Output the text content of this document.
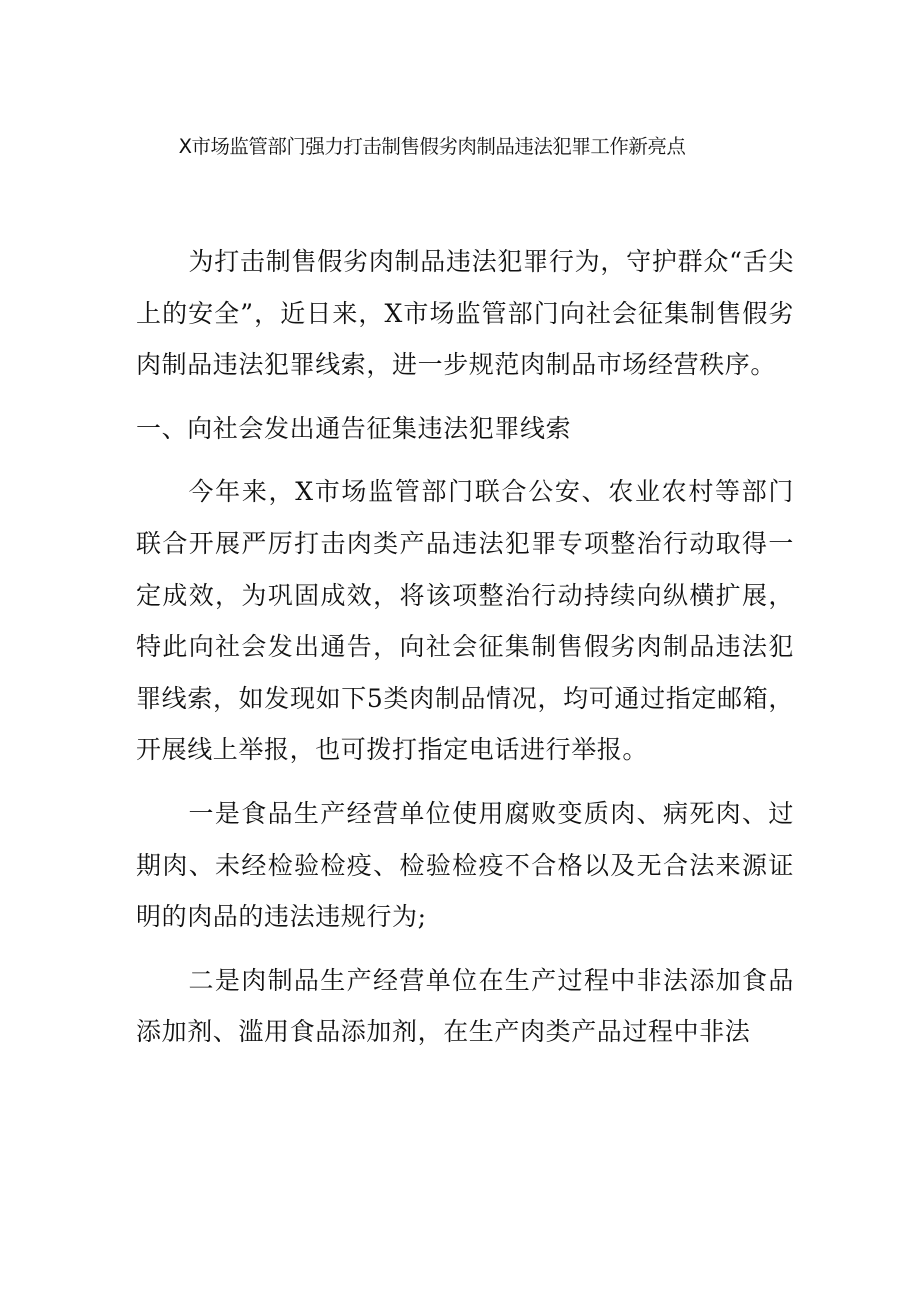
X市场监管部门强力打击制售假劣肉制品违法犯罪工作新亮点

为打击制售假劣肉制品违法犯罪行为，守护群众“舌尖上的安全”，近日来，X市场监管部门向社会征集制售假劣肉制品违法犯罪线索，进一步规范肉制品市场经营秩序。

一、向社会发出通告征集违法犯罪线索

今年来，X市场监管部门联合公安、农业农村等部门联合开展严厉打击肉类产品违法犯罪专项整治行动取得一定成效，为巩固成效，将该项整治行动持续向纵横扩展，特此向社会发出通告，向社会征集制售假劣肉制品违法犯罪线索，如发现如下5类肉制品情况，均可通过指定邮箱，开展线上举报，也可拨打指定电话进行举报。

一是食品生产经营单位使用腐败变质肉、病死肉、过期肉、未经检验检疫、检验检疫不合格以及无合法来源证明的肉品的违法违规行为;

二是肉制品生产经营单位在生产过程中非法添加食品添加剂、滥用食品添加剂，在生产肉类产品过程中非法
